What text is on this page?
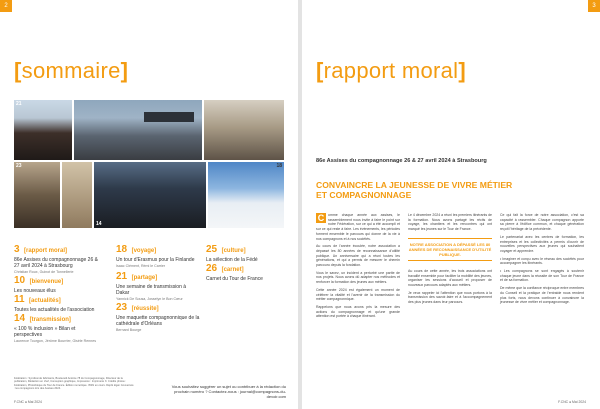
2
[sommaire]
21
23
14
18
3 [rapport moral]
86e Assises du compagnonnage 26 & 27 avril 2024 à Strasbourg
Christian Roux, Guinot de Tonnellerie
10 [bienvenue]
Les nouveaux élus
11 [actualités]
Toutes les actualités de l'association
14 [transmission]
« 100 % inclusion » Bilan et perspectives
Laurence Tourgon, Jérôme Bourrier, Gisèle Rennes
18 [voyage]
Un tour d'Erasmus pour la Finlande
Isaac Clément, Rémi le Carrier
21 [partage]
Une semaine de transmission à Dakar
Yannick De Sousa, Josselyn le Bon Cœur
23 [réussite]
Une maquette compagnonnique de la cathédrale d'Orléans
Bernard Bourge
25 [culture]
La sélection de la Fédé
26 [carnet]
Carnet du Tour de France
Fédération : Syndicat de fabricants, Boulevard Antoine 78 du Compagnonnage, Directeur de la publication, Rédaction en chef, Conception graphique, Impression : Imprimerie X. Crédits photos : Fédération, Photothèque du Tour de France. Édition numérique. ISSN en cours. Dépôt légal. Couverture : les compagnons lors des Assises 2024.	Vous souhaitez suggérer un sujet ou contribuer à la rédaction du prochain numéro ? Contactez-nous : journal@compagnons-du-devoir.com
F.CNC ● Mai 2024
3
[rapport moral]
86e Assises du compagnonnage 26 & 27 avril 2024 à Strasbourg
CONVAINCRE LA JEUNESSE DE VIVRE MÉTIER ET COMPAGNONNAGE

C	omme chaque année aux assises, le rassemblement nous invite à faire le point sur notre Fédération, sur ce qui a été accompli et sur ce qui reste à faire. Les évènements, les périodes forment ensemble le parcours qui donne de la vie à nos compagnons et à nos sociétés.

Au cours de l'année écoulée, notre association a dépassé les 80 années de reconnaissance d'utilité publique. Un anniversaire qui a réuni toutes les générations, et qui a permis de mesurer le chemin parcouru depuis la fondation.

Vous le savez, un incident a perturbé une partie de nos projets. Nous avons dû adapter nos méthodes et renforcer la formation des jeunes aux métiers.

Cette année 2024 est également un moment de célébrer la vitalité et l'avenir de la transmission du métier compagnonnique.

Rappelons que nous avons pris la mesure des actions du compagnonnage et qu'une grande attention est portée à chaque itinérant.

Le 4 décembre 2024 a réuni les premiers itinérants de la formation. Nous avons partagé les récits de voyage, les chantiers et les rencontres qui ont marqué les jeunes sur le Tour de France.

NOTRE ASSOCIATION A DÉPASSÉ LES 80 ANNÉES DE RECONNAISSANCE D'UTILITÉ PUBLIQUE.

Au cours de cette année, les trois associations ont travaillé ensemble pour faciliter la mobilité des jeunes, organiser les sessions d'accueil et proposer de nouveaux parcours adaptés aux métiers.

Je veux rappeler ici l'attention que nous portons à la transmission des savoir-faire et à l'accompagnement des plus jeunes dans leur parcours.

Ce qui fait la force de notre association, c'est sa capacité à rassembler. Chaque compagnon apporte sa pierre à l'édifice commun, et chaque génération reçoit l'héritage de la précédente.

Le partenariat avec les centres de formation, les entreprises et les collectivités a permis d'ouvrir de nouvelles perspectives aux jeunes qui souhaitent voyager et apprendre.

• Imaginer et conçu avec le réseau des sociétés pour accompagner les itinérants.

• Les compagnons se sont engagés à soutenir chaque jeune dans la réussite de son Tour de France et de sa formation.

De même que la confiance réciproque entre membres du Conseil et la pratique de l'entraide nous rendent plus forts, nous devons continuer à convaincre la jeunesse de vivre métier et compagnonnage.

F.CNC ● Mai 2024
